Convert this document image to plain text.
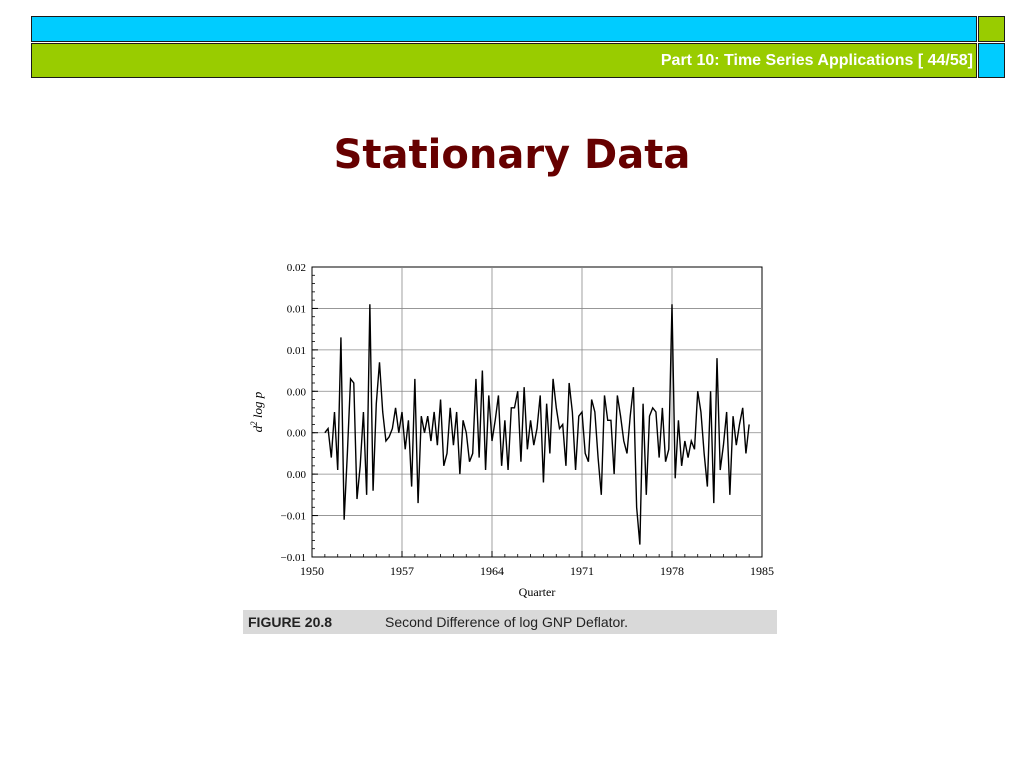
Part 10: Time Series Applications [ 44/58]
Stationary Data
0.02
0.01
0.01
0.00
0.00
0.00
−0.01
−0.01
1950	1957	1964	1971	1978	1985
Quarter
$d^2$ log p
FIGURE 20.8	Second Difference of log GNP Deflator.
